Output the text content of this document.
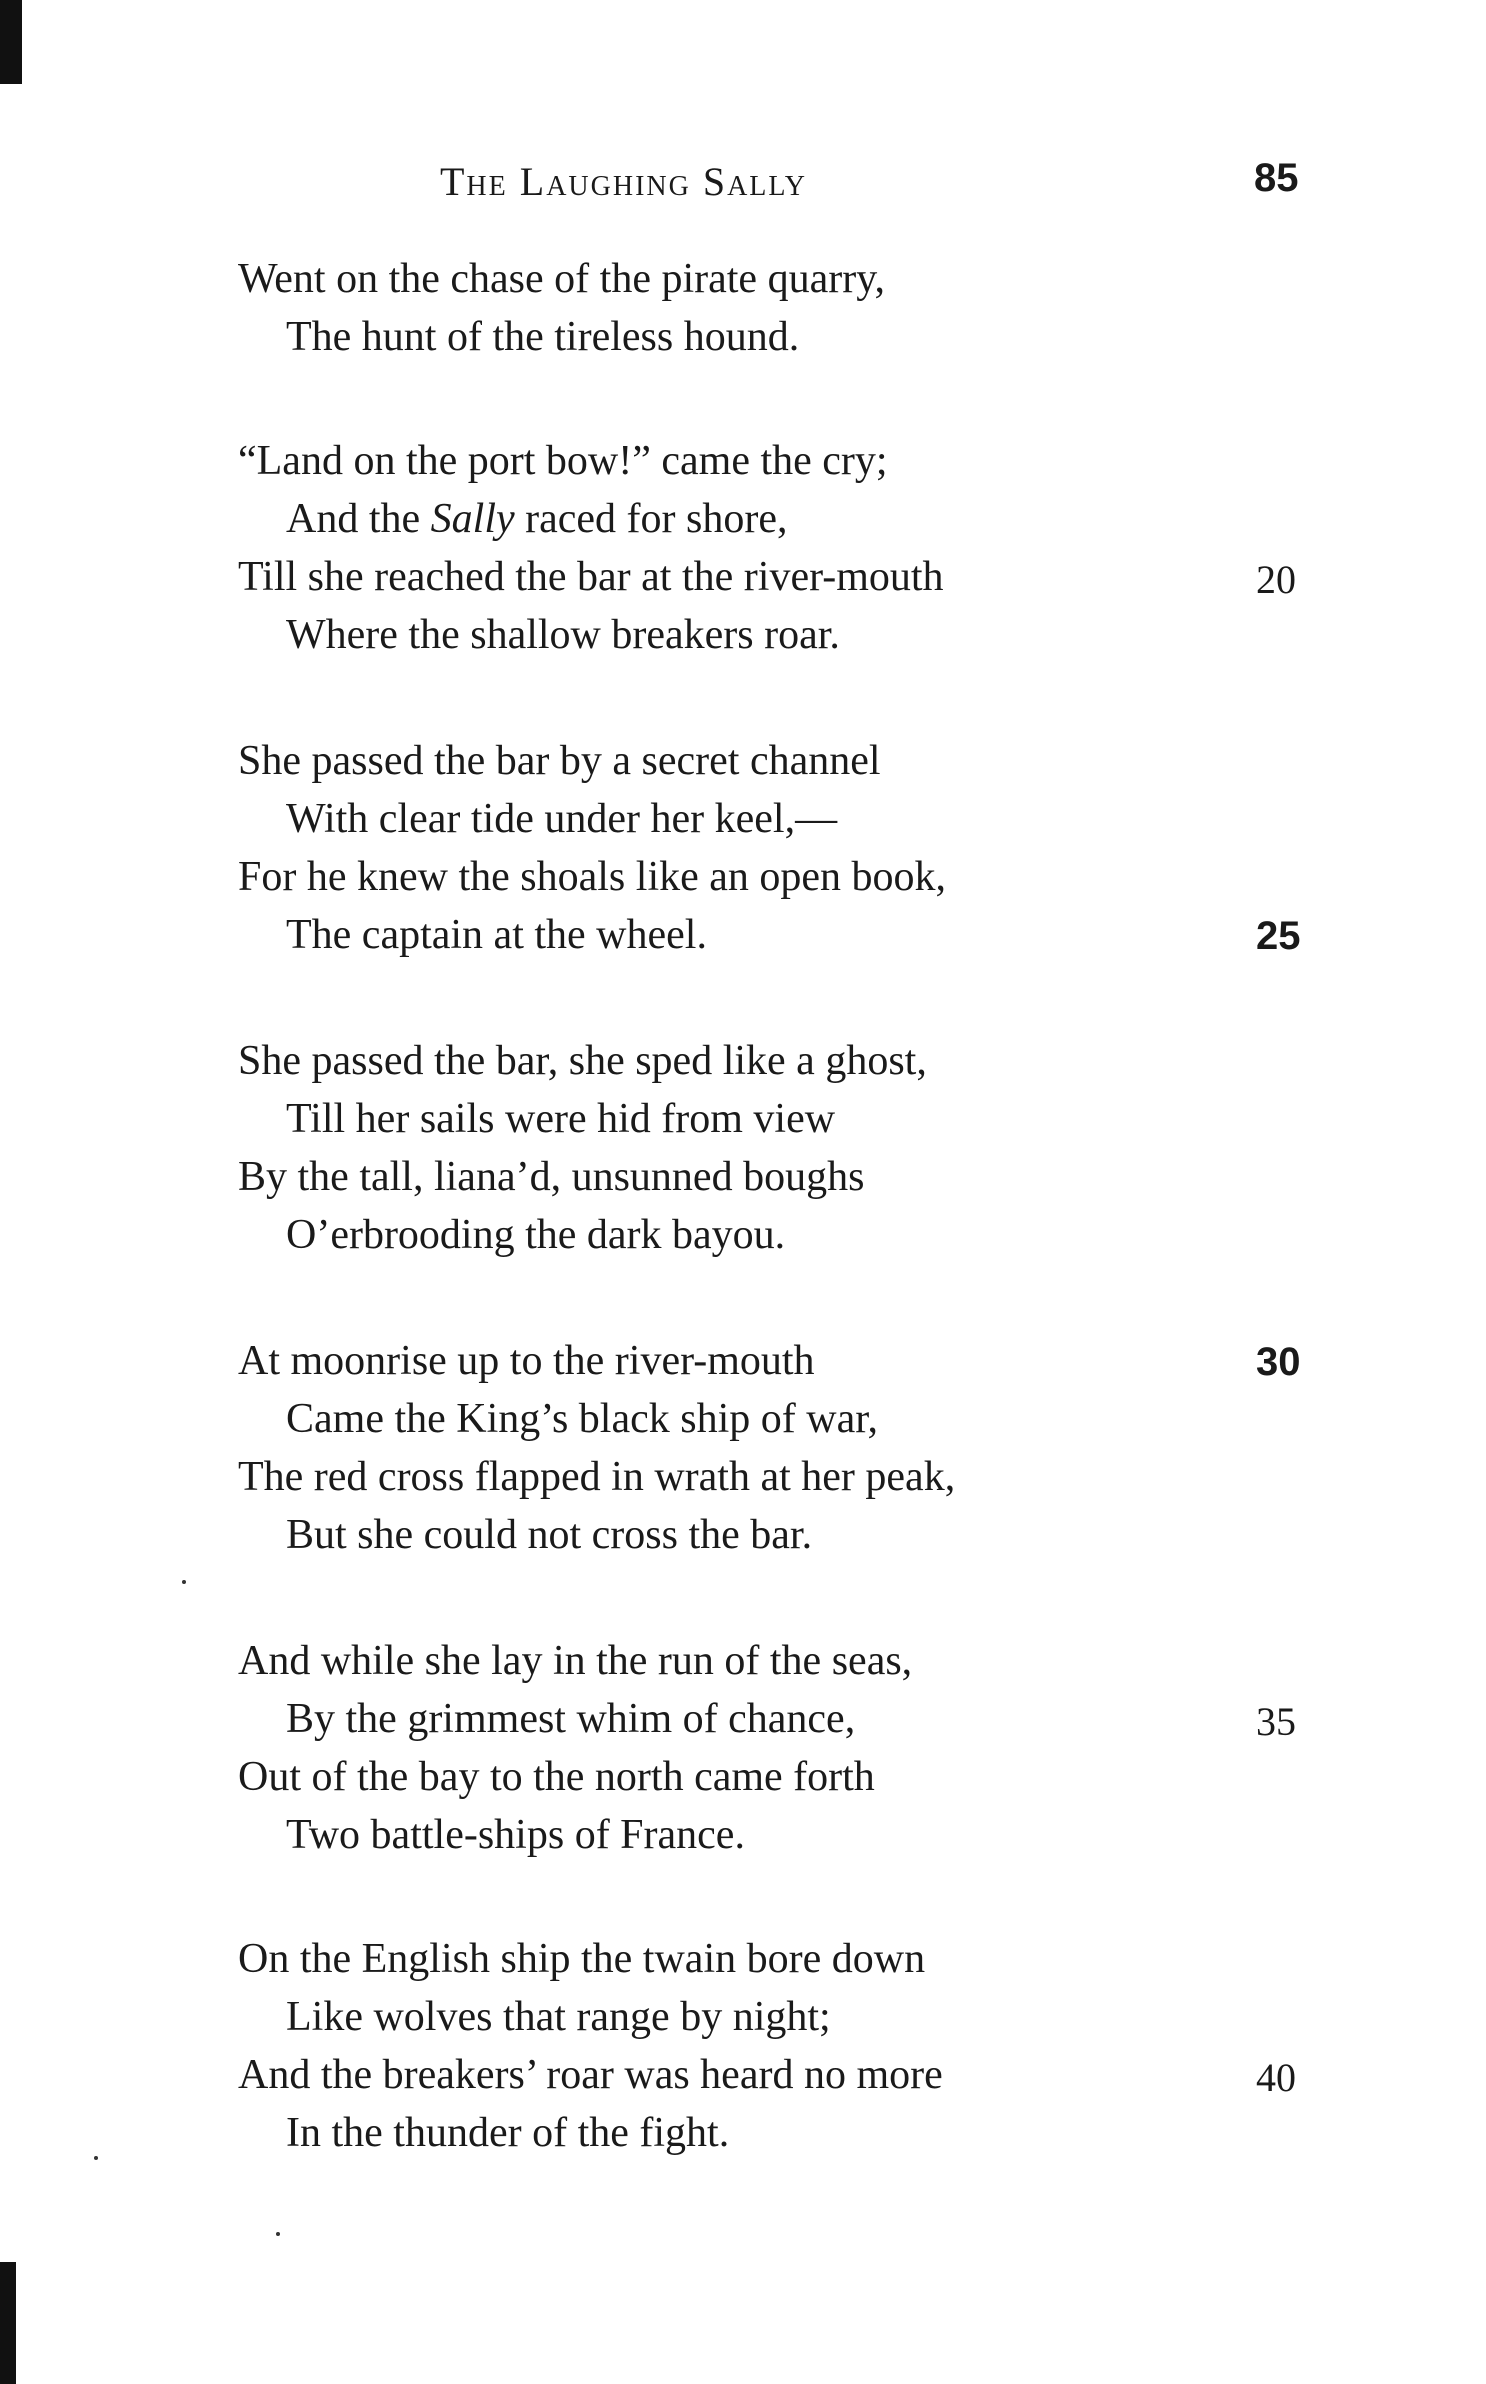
The Laughing Sally	85
Went on the chase of the pirate quarry,
The hunt of the tireless hound.
“Land on the port bow!” came the cry;
And the Sally raced for shore,
Till she reached the bar at the river-mouth	20
Where the shallow breakers roar.
She passed the bar by a secret channel
With clear tide under her keel,—
For he knew the shoals like an open book,
The captain at the wheel.	25
She passed the bar, she sped like a ghost,
Till her sails were hid from view
By the tall, liana’d, unsunned boughs
O’erbrooding the dark bayou.
At moonrise up to the river-mouth	30
Came the King’s black ship of war,
The red cross flapped in wrath at her peak,
But she could not cross the bar.
And while she lay in the run of the seas,
By the grimmest whim of chance,	35
Out of the bay to the north came forth
Two battle-ships of France.
On the English ship the twain bore down
Like wolves that range by night;
And the breakers’ roar was heard no more	40
In the thunder of the fight.
